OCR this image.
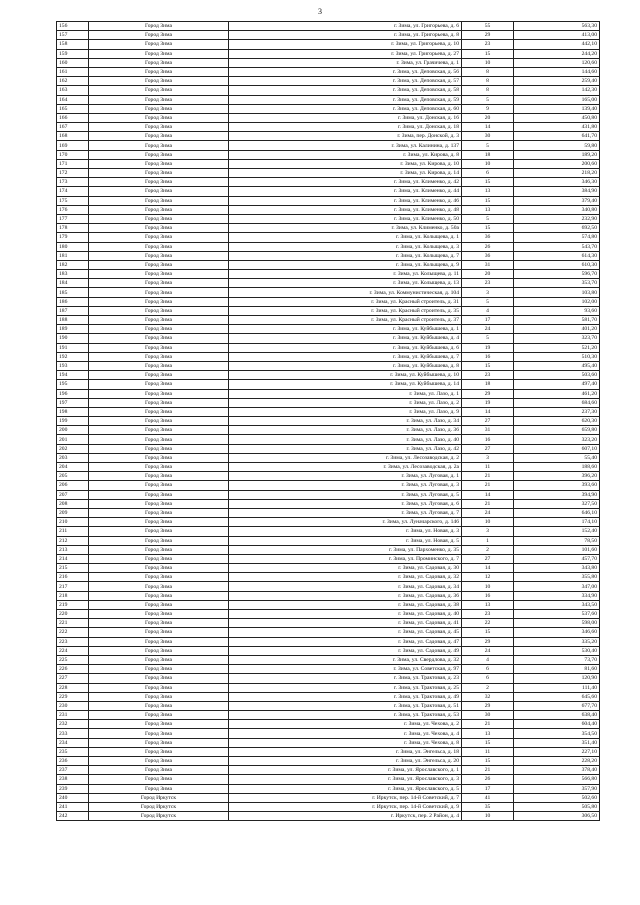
3
156	Город Зима	г. Зима, ул. Григорьева, д. 6	55	563,30
157	Город Зима	г. Зима, ул. Григорьева, д. 8	29	413,00
158	Город Зима	г. Зима, ул. Григорьева, д. 10	23	442,10
159	Город Зима	г. Зима, ул. Григорьева, д. 27	15	244,20
160	Город Зима	г. Зима, ул. Грачичева, д. 1	10	120,60
161	Город Зима	г. Зима, ул. Деповская, д. 56	8	144,60
162	Город Зима	г. Зима, ул. Деповская, д. 57	8	259,40
163	Город Зима	г. Зима, ул. Деповская, д. 58	8	142,30
164	Город Зима	г. Зима, ул. Деповская, д. 59	5	165,00
165	Город Зима	г. Зима, ул. Деповская, д. 60	9	139,40
166	Город Зима	г. Зима, ул. Донская, д. 16	20	450,80
167	Город Зима	г. Зима, ул. Донская, д. 18	14	431,80
168	Город Зима	г. Зима, пер. Донской, д. 3	30	641,70
169	Город Зима	г. Зима, ул. Калинина, д. 137	5	59,80
170	Город Зима	г. Зима, ул. Кирова, д. 8	18	189,20
171	Город Зима	г. Зима, ул. Кирова, д. 10	10	200,60
172	Город Зима	г. Зима, ул. Кирова, д. 14	6	218,20
173	Город Зима	г. Зима, ул. Клименко, д. 42	15	346,30
174	Город Зима	г. Зима, ул. Клименко, д. 44	13	384,90
175	Город Зима	г. Зима, ул. Клименко, д. 46	15	379,40
176	Город Зима	г. Зима, ул. Клименко, д. 48	13	340,80
177	Город Зима	г. Зима, ул. Клименко, д. 50	5	232,90
178	Город Зима	г. Зима, ул. Клименко, д. 50а	15	692,50
179	Город Зима	г. Зима, ул. Колыщева, д. 1	36	574,80
180	Город Зима	г. Зима, ул. Колыщева, д. 3	26	543,70
181	Город Зима	г. Зима, ул. Колыщева, д. 7	36	614,30
182	Город Зима	г. Зима, ул. Колыщева, д. 9	31	610,30
183	Город Зима	г. Зима, ул. Колыщева, д. 11	20	596,70
184	Город Зима	г. Зима, ул. Колыщева, д. 13	23	353,70
185	Город Зима	г. Зима, ул. Коммунистическая, д. 104	3	103,80
186	Город Зима	г. Зима, ул. Красный строитель, д. 31	5	102,00
187	Город Зима	г. Зима, ул. Красный строитель, д. 35	4	93,60
188	Город Зима	г. Зима, ул. Красный строитель, д. 37	17	581,70
189	Город Зима	г. Зима, ул. Куйбышева, д. 1	24	401,20
190	Город Зима	г. Зима, ул. Куйбышева, д. 4	5	323,70
191	Город Зима	г. Зима, ул. Куйбышева, д. 6	19	521,20
192	Город Зима	г. Зима, ул. Куйбышева, д. 7	16	510,30
193	Город Зима	г. Зима, ул. Куйбышева, д. 8	15	495,40
194	Город Зима	г. Зима, ул. Куйбышева, д. 10	23	503,60
195	Город Зима	г. Зима, ул. Куйбышева, д. 14	18	497,40
196	Город Зима	г. Зима, ул. Лазо, д. 1	29	461,20
197	Город Зима	г. Зима, ул. Лазо, д. 2	19	684,60
198	Город Зима	г. Зима, ул. Лазо, д. 9	14	237,30
199	Город Зима	г. Зима, ул. Лазо, д. 34	27	620,30
200	Город Зима	г. Зима, ул. Лазо, д. 36	31	659,80
201	Город Зима	г. Зима, ул. Лазо, д. 40	16	323,20
202	Город Зима	г. Зима, ул. Лазо, д. 42	27	607,10
203	Город Зима	г. Зима, ул. Лесозаводская, д. 2	3	55,40
204	Город Зима	г. Зима, ул. Лесозаводская, д. 2а	11	188,60
205	Город Зима	г. Зима, ул. Луговая, д. 1	21	396,20
206	Город Зима	г. Зима, ул. Луговая, д. 3	21	393,60
207	Город Зима	г. Зима, ул. Луговая, д. 5	14	394,90
208	Город Зима	г. Зима, ул. Луговая, д. 6	21	327,50
209	Город Зима	г. Зима, ул. Луговая, д. 7	24	646,10
210	Город Зима	г. Зима, ул. Луначарского, д. 146	10	174,10
211	Город Зима	г. Зима, ул. Новая, д. 3	3	152,40
212	Город Зима	г. Зима, ул. Новая, д. 5	1	78,50
213	Город Зима	г. Зима, ул. Пархоменко, д. 35	2	101,60
214	Город Зима	г. Зима, ул. Проминского, д. 7	27	457,70
215	Город Зима	г. Зима, ул. Садовая, д. 30	14	343,80
216	Город Зима	г. Зима, ул. Садовая, д. 32	12	355,80
217	Город Зима	г. Зима, ул. Садовая, д. 34	10	347,00
218	Город Зима	г. Зима, ул. Садовая, д. 36	16	334,90
219	Город Зима	г. Зима, ул. Садовая, д. 38	13	343,50
220	Город Зима	г. Зима, ул. Садовая, д. 40	23	537,60
221	Город Зима	г. Зима, ул. Садовая, д. 41	22	598,00
222	Город Зима	г. Зима, ул. Садовая, д. 45	15	346,60
223	Город Зима	г. Зима, ул. Садовая, д. 47	29	335,20
224	Город Зима	г. Зима, ул. Садовая, д. 49	24	530,40
225	Город Зима	г. Зима, ул. Свердлова, д. 32	4	73,70
226	Город Зима	г. Зима, ул. Советская, д. 97	6	81,60
227	Город Зима	г. Зима, ул. Трактовая, д. 23	6	120,90
228	Город Зима	г. Зима, ул. Трактовая, д. 25	2	111,40
229	Город Зима	г. Зима, ул. Трактовая, д. 49	32	645,60
230	Город Зима	г. Зима, ул. Трактовая, д. 51	29	677,70
231	Город Зима	г. Зима, ул. Трактовая, д. 53	30	638,40
232	Город Зима	г. Зима, ул. Чехова, д. 2	21	604,40
233	Город Зима	г. Зима, ул. Чехова, д. 4	13	354,50
234	Город Зима	г. Зима, ул. Чехова, д. 8	15	351,40
235	Город Зима	г. Зима, ул. Энгельса, д. 18	11	227,10
236	Город Зима	г. Зима, ул. Энгельса, д. 20	15	228,20
237	Город Зима	г. Зима, ул. Ярославского, д. 1	21	378,40
238	Город Зима	г. Зима, ул. Ярославского, д. 3	26	566,80
239	Город Зима	г. Зима, ул. Ярославского, д. 5	17	357,90
240	Город Иркутск	г. Иркутск, пер. 14-й Советский, д. 7	41	502,60
241	Город Иркутск	г. Иркутск, пер. 14-й Советский, д. 9	35	505,80
242	Город Иркутск	г. Иркутск, пер. 2 Район, д. 4	10	306,50
